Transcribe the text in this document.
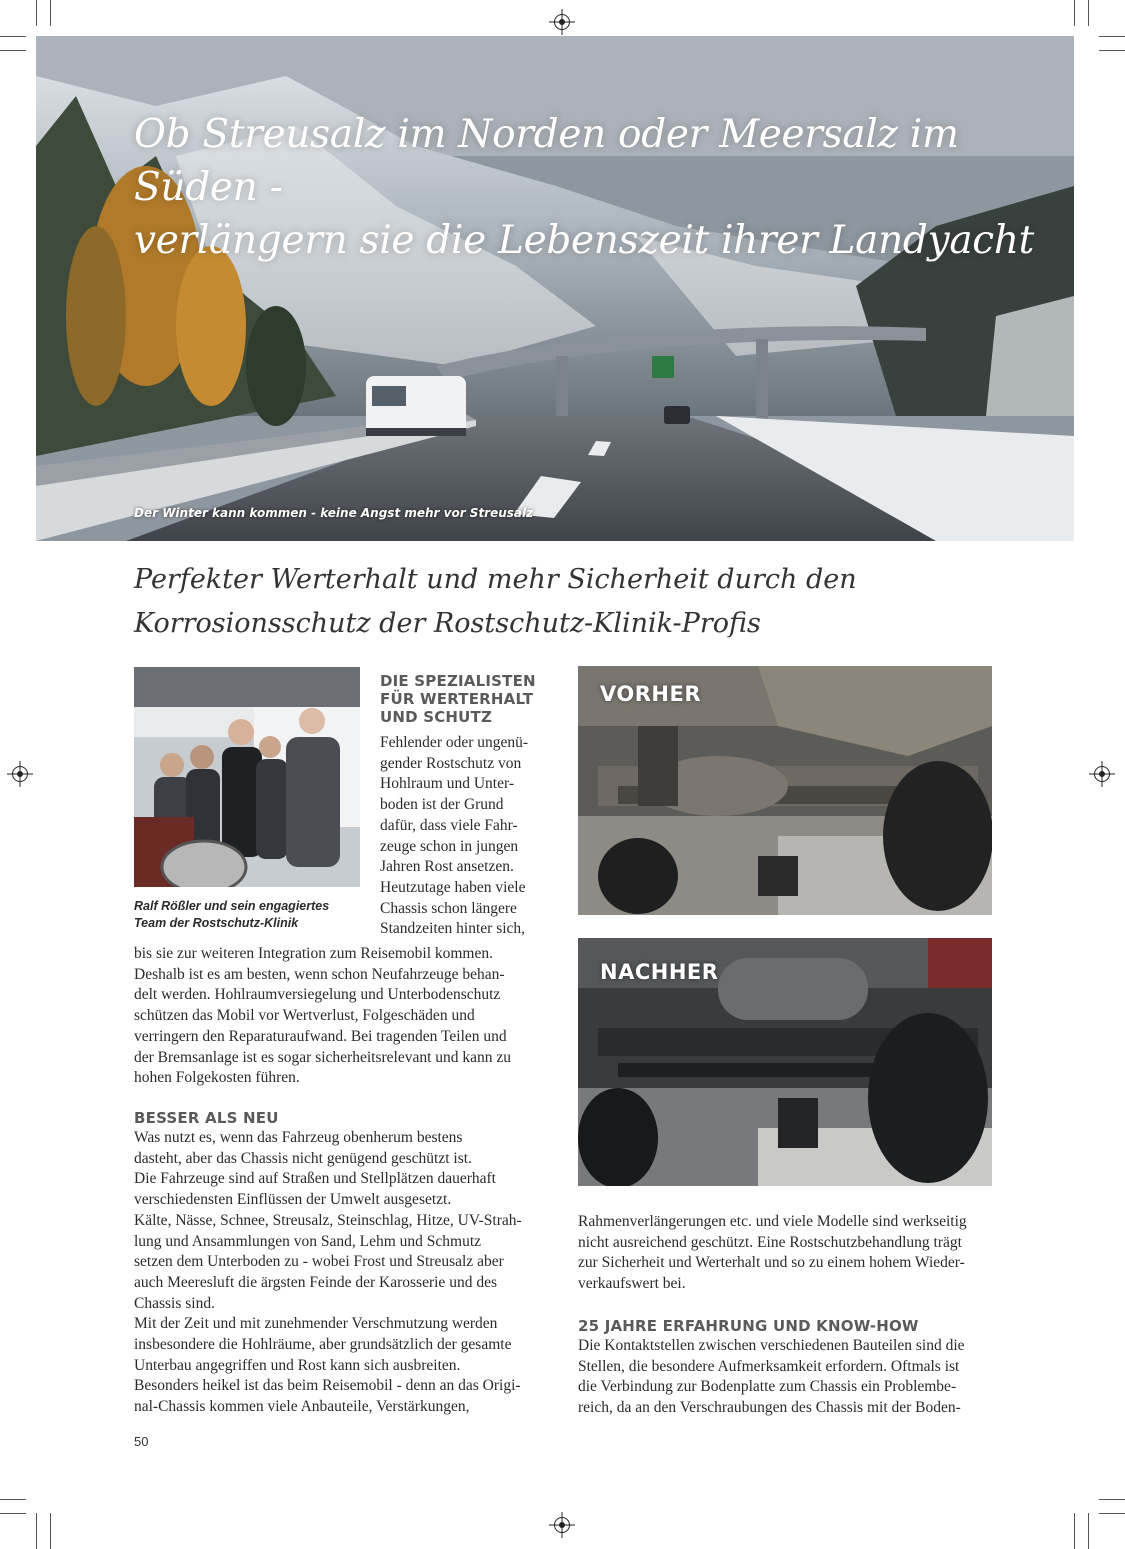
Ob Streusalz im Norden oder Meersalz im Süden -
verlängern sie die Lebenszeit ihrer Landyacht
Der Winter kann kommen - keine Angst mehr vor Streusalz
Perfekter Werterhalt und mehr Sicherheit durch den
Korrosionsschutz der Rostschutz-Klinik-Profis
Ralf Rößler und sein engagiertes
Team der Rostschutz-Klinik
DIE SPEZIALISTEN
FÜR WERTERHALT
UND SCHUTZ

Fehlender oder ungenü-

gender Rostschutz von

Hohlraum und Unter-

boden ist der Grund

dafür, dass viele Fahr-

zeuge schon in jungen

Jahren Rost ansetzen.

Heutzutage haben viele

Chassis schon längere

Standzeiten hinter sich,

bis sie zur weiteren Integration zum Reisemobil kommen.

Deshalb ist es am besten, wenn schon Neufahrzeuge behan-

delt werden. Hohlraumversiegelung und Unterbodenschutz

schützen das Mobil vor Wertverlust, Folgeschäden und

verringern den Reparaturaufwand. Bei tragenden Teilen und

der Bremsanlage ist es sogar sicherheitsrelevant und kann zu

hohen Folgekosten führen.

BESSER ALS NEU

Was nutzt es, wenn das Fahrzeug obenherum bestens

dasteht, aber das Chassis nicht genügend geschützt ist.

Die Fahrzeuge sind auf Straßen und Stellplätzen dauerhaft

verschiedensten Einflüssen der Umwelt ausgesetzt.

Kälte, Nässe, Schnee, Streusalz, Steinschlag, Hitze, UV-Strah-

lung und Ansammlungen von Sand, Lehm und Schmutz

setzen dem Unterboden zu - wobei Frost und Streusalz aber

auch Meeresluft die ärgsten Feinde der Karosserie und des

Chassis sind.

Mit der Zeit und mit zunehmender Verschmutzung werden

insbesondere die Hohlräume, aber grundsätzlich der gesamte

Unterbau angegriffen und Rost kann sich ausbreiten.

Besonders heikel ist das beim Reisemobil - denn an das Origi-

nal-Chassis kommen viele Anbauteile, Verstärkungen,

VORHER
NACHHER

Rahmenverlängerungen etc. und viele Modelle sind werkseitig

nicht ausreichend geschützt. Eine Rostschutzbehandlung trägt

zur Sicherheit und Werterhalt und so zu einem hohem Wieder-

verkaufswert bei.

25 JAHRE ERFAHRUNG UND KNOW-HOW

Die Kontaktstellen zwischen verschiedenen Bauteilen sind die

Stellen, die besondere Aufmerksamkeit erfordern. Oftmals ist

die Verbindung zur Bodenplatte zum Chassis ein Problembe-

reich, da an den Verschraubungen des Chassis mit der Boden-

50
